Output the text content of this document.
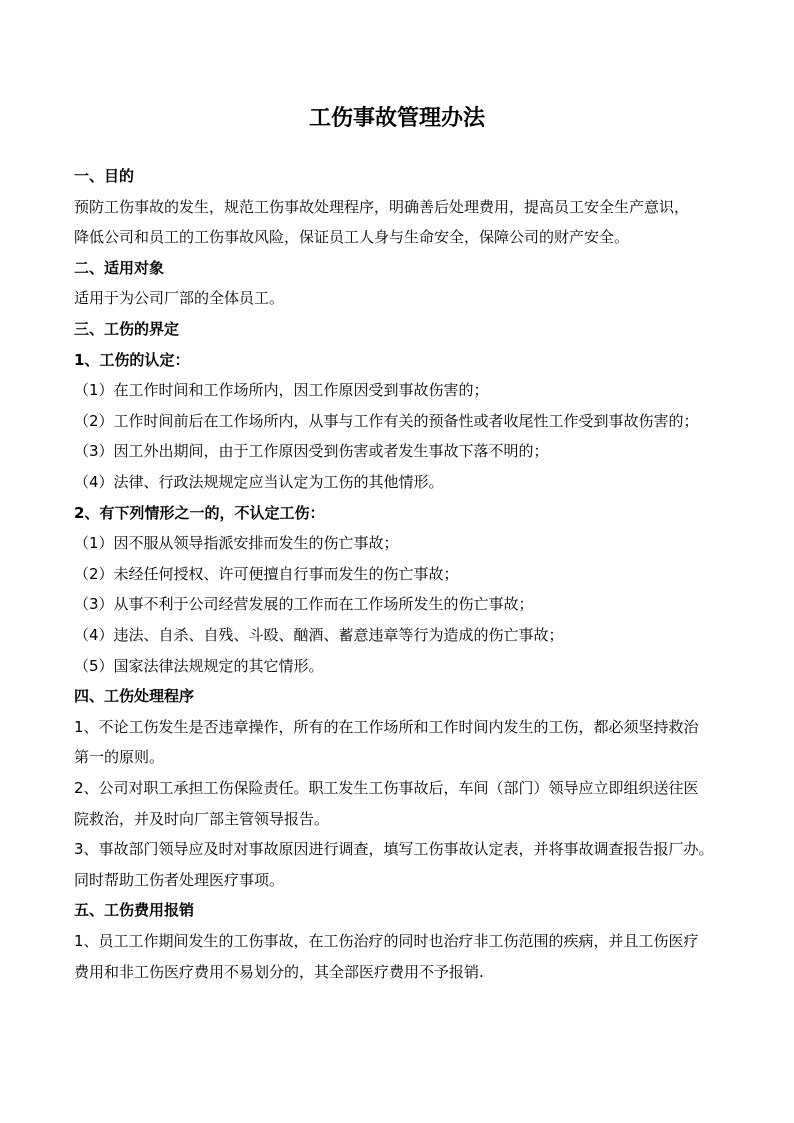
工伤事故管理办法
一、目的
预防工伤事故的发生，规范工伤事故处理程序，明确善后处理费用，提高员工安全生产意识，
降低公司和员工的工伤事故风险，保证员工人身与生命安全，保障公司的财产安全。
二、适用对象
适用于为公司厂部的全体员工。
三、工伤的界定
1、工伤的认定：
（1）在工作时间和工作场所内，因工作原因受到事故伤害的；
（2）工作时间前后在工作场所内，从事与工作有关的预备性或者收尾性工作受到事故伤害的；
（3）因工外出期间，由于工作原因受到伤害或者发生事故下落不明的；
（4）法律、行政法规规定应当认定为工伤的其他情形。
2、有下列情形之一的，不认定工伤：
（1）因不服从领导指派安排而发生的伤亡事故；
（2）未经任何授权、许可便擅自行事而发生的伤亡事故；
（3）从事不利于公司经营发展的工作而在工作场所发生的伤亡事故；
（4）违法、自杀、自残、斗殴、酗酒、蓄意违章等行为造成的伤亡事故；
（5）国家法律法规规定的其它情形。
四、工伤处理程序
1、不论工伤发生是否违章操作，所有的在工作场所和工作时间内发生的工伤，都必须坚持救治
第一的原则。
2、公司对职工承担工伤保险责任。职工发生工伤事故后，车间（部门）领导应立即组织送往医
院救治，并及时向厂部主管领导报告。
3、事故部门领导应及时对事故原因进行调查，填写工伤事故认定表，并将事故调查报告报厂办。
同时帮助工伤者处理医疗事项。
五、工伤费用报销
1、员工工作期间发生的工伤事故，在工伤治疗的同时也治疗非工伤范围的疾病，并且工伤医疗
费用和非工伤医疗费用不易划分的，其全部医疗费用不予报销.
